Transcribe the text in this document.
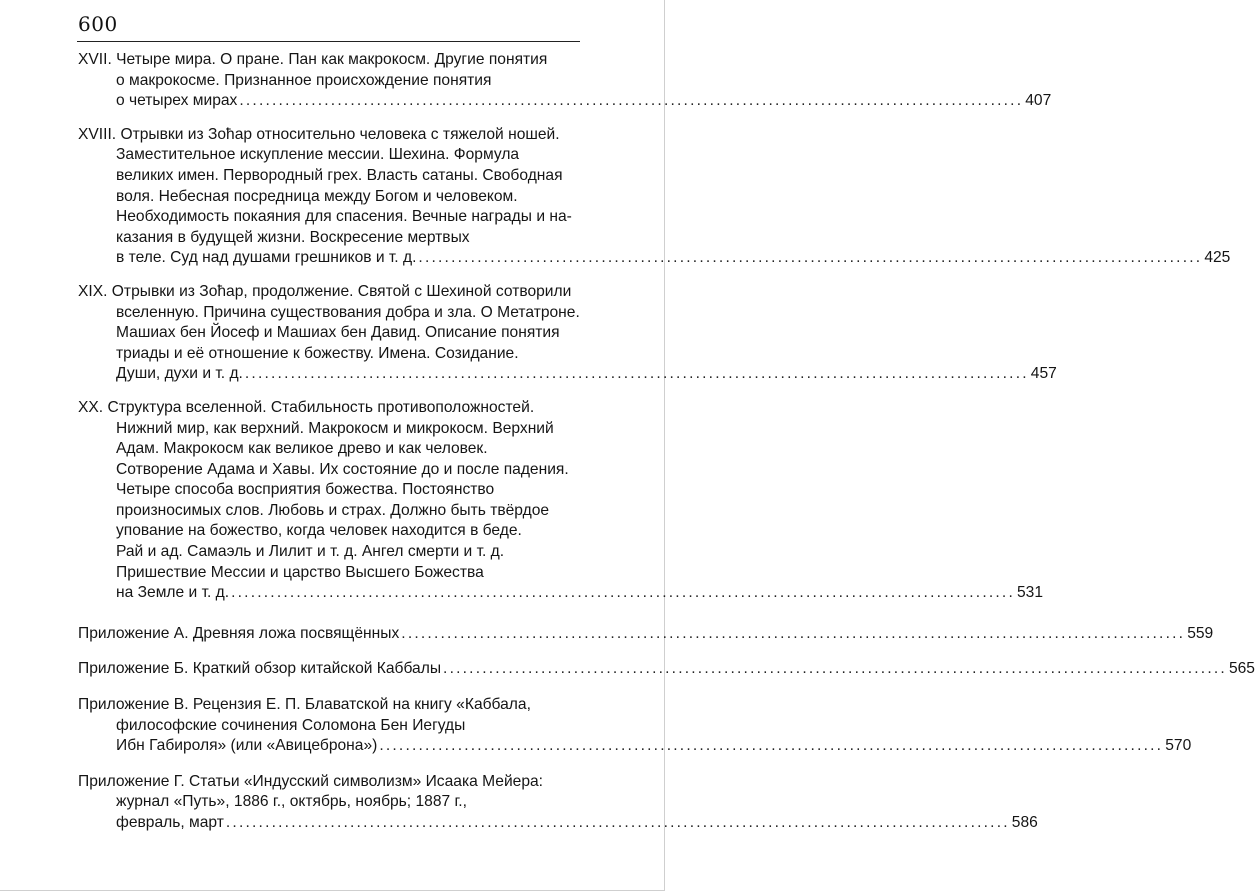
600
XVII. Четыре мира. О пране. Пан как макрокосм. Другие понятия
о макрокосме. Признанное происхождение понятия
о четырех мирах ........................................................................................................................ 407
XVIII. Отрывки из Зоћар относительно человека с тяжелой ношей.
Заместительное искупление мессии. Шехина. Формула
великих имен. Первородный грех. Власть сатаны. Свободная
воля. Небесная посредница между Богом и человеком.
Необходимость покаяния для спасения. Вечные награды и на-
казания в будущей жизни. Воскресение мертвых
в теле. Суд над душами грешников и т. д. ........................................................................................................................ 425
XIX. Отрывки из Зоћар, продолжение. Святой с Шехиной сотворили
вселенную. Причина существования добра и зла. О Метатроне.
Машиах бен Йосеф и Машиах бен Давид. Описание понятия
триады и её отношение к божеству. Имена. Созидание.
Души, духи и т. д. ........................................................................................................................ 457
XX. Структура вселенной. Стабильность противоположностей.
Нижний мир, как верхний. Макрокосм и микрокосм. Верхний
Адам. Макрокосм как великое древо и как человек.
Сотворение Адама и Хавы. Их состояние до и после падения.
Четыре способа восприятия божества. Постоянство
произносимых слов. Любовь и страх. Должно быть твёрдое
упование на божество, когда человек находится в беде.
Рай и ад. Самаэль и Лилит и т. д. Ангел смерти и т. д.
Пришествие Мессии и царство Высшего Божества
на Земле и т. д. ........................................................................................................................ 531
Приложение А. Древняя ложа посвящённых ........................................................................................................................ 559
Приложение Б. Краткий обзор китайской Каббалы ........................................................................................................................ 565
Приложение В. Рецензия Е. П. Блаватской на книгу «Каббала,
философские сочинения Соломона Бен Иегуды
Ибн Габироля» (или «Авицеброна») ........................................................................................................................ 570
Приложение Г. Статьи «Индусский символизм» Исаака Мейера:
журнал «Путь», 1886 г., октябрь, ноябрь; 1887 г.,
февраль, март ........................................................................................................................ 586
